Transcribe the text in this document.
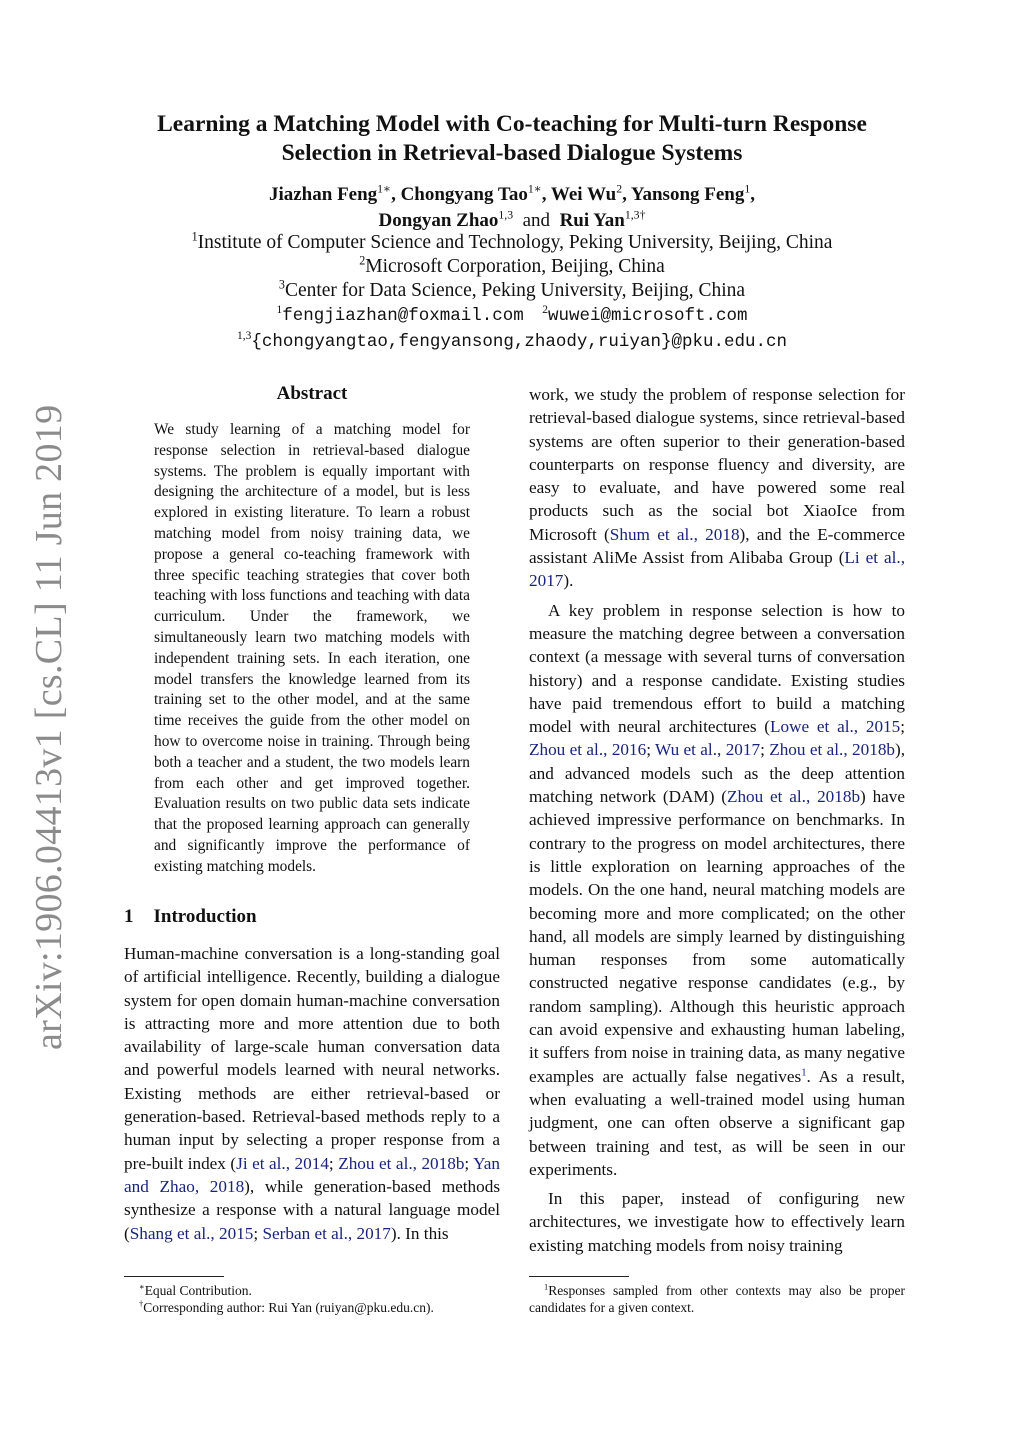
arXiv:1906.04413v1 [cs.CL] 11 Jun 2019
Learning a Matching Model with Co-teaching for Multi-turn Response
Selection in Retrieval-based Dialogue Systems
Jiazhan Feng$^{1∗}$, Chongyang Tao$^{1∗}$, Wei Wu$^2$, Yansong Feng$^1$,
Dongyan Zhao$^{1,3}$ and Rui Yan$^{1,3\dagger}$
$^1$Institute of Computer Science and Technology, Peking University, Beijing, China
$^2$Microsoft Corporation, Beijing, China
$^3$Center for Data Science, Peking University, Beijing, China
$^1$fengjiazhan@foxmail.com $^2$wuwei@microsoft.com
$^{1,3}${chongyangtao,fengyansong,zhaody,ruiyan}@pku.edu.cn
Abstract
We study learning of a matching model for response selection in retrieval-based dialogue systems. The problem is equally important with designing the architecture of a model, but is less explored in existing literature. To learn a robust matching model from noisy training data, we propose a general co-teaching framework with three specific teaching strategies that cover both teaching with loss functions and teaching with data curriculum. Under the framework, we simultaneously learn two matching models with independent training sets. In each iteration, one model transfers the knowledge learned from its training set to the other model, and at the same time receives the guide from the other model on how to overcome noise in training. Through being both a teacher and a student, the two models learn from each other and get improved together. Evaluation results on two public data sets indicate that the proposed learning approach can generally and significantly improve the performance of existing matching models.
1 Introduction

Human-machine conversation is a long-standing goal of artificial intelligence. Recently, building a dialogue system for open domain human-machine conversation is attracting more and more attention due to both availability of large-scale human conversation data and powerful models learned with neural networks. Existing methods are either retrieval-based or generation-based. Retrieval-based methods reply to a human input by selecting a proper response from a pre-built index (Ji et al., 2014; Zhou et al., 2018b; Yan and Zhao, 2018), while generation-based methods synthesize a response with a natural language model (Shang et al., 2015; Serban et al., 2017). In this

work, we study the problem of response selection for retrieval-based dialogue systems, since retrieval-based systems are often superior to their generation-based counterparts on response fluency and diversity, are easy to evaluate, and have powered some real products such as the social bot XiaoIce from Microsoft (Shum et al., 2018), and the E-commerce assistant AliMe Assist from Alibaba Group (Li et al., 2017).

A key problem in response selection is how to measure the matching degree between a conversation context (a message with several turns of conversation history) and a response candidate. Existing studies have paid tremendous effort to build a matching model with neural architectures (Lowe et al., 2015; Zhou et al., 2016; Wu et al., 2017; Zhou et al., 2018b), and advanced models such as the deep attention matching network (DAM) (Zhou et al., 2018b) have achieved impressive performance on benchmarks. In contrary to the progress on model architectures, there is little exploration on learning approaches of the models. On the one hand, neural matching models are becoming more and more complicated; on the other hand, all models are simply learned by distinguishing human responses from some automatically constructed negative response candidates (e.g., by random sampling). Although this heuristic approach can avoid expensive and exhausting human labeling, it suffers from noise in training data, as many negative examples are actually false negatives$^1$. As a result, when evaluating a well-trained model using human judgment, one can often observe a significant gap between training and test, as will be seen in our experiments.

In this paper, instead of configuring new architectures, we investigate how to effectively learn existing matching models from noisy training

∗Equal Contribution.
†Corresponding author: Rui Yan (ruiyan@pku.edu.cn).
$^1$Responses sampled from other contexts may also be proper candidates for a given context.
